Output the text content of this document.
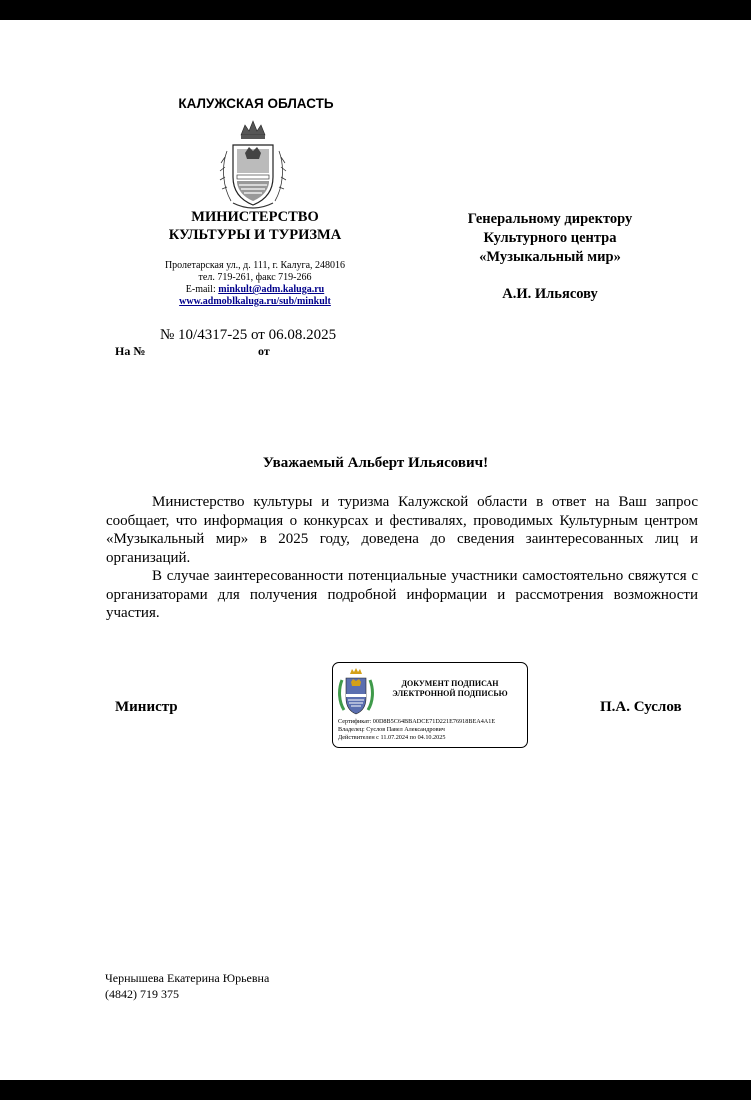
КАЛУЖСКАЯ ОБЛАСТЬ
МИНИСТЕРСТВО
КУЛЬТУРЫ И ТУРИЗМА
Пролетарская ул., д. 111, г. Калуга, 248016
тел. 719-261, факс 719-266
E-mail: minkult@adm.kaluga.ru
www.admoblkaluga.ru/sub/minkult
№ 10/4317-25 от 06.08.2025
На №	от
Генеральному директору
Культурного центра
«Музыкальный мир»
А.И. Ильясову
Уважаемый Альберт Ильясович!

Министерство культуры и туризма Калужской области в ответ на Ваш запрос сообщает, что информация о конкурсах и фестивалях, проводимых Культурным центром «Музыкальный мир» в 2025 году, доведена до сведения заинтересованных лиц и организаций.

В случае заинтересованности потенциальные участники самостоятельно свяжутся с организаторами для получения подробной информации и рассмотрения возможности участия.

Министр
ДОКУМЕНТ ПОДПИСАН
ЭЛЕКТРОННОЙ ПОДПИСЬЮ
Сертификат: 00D8B5C64BBADCE71D221E76918BEA4A1E
Владелец: Суслов Павел Александрович
Действителен с 11.07.2024 по 04.10.2025
П.А. Суслов
Чернышева Екатерина Юрьевна
(4842) 719 375
